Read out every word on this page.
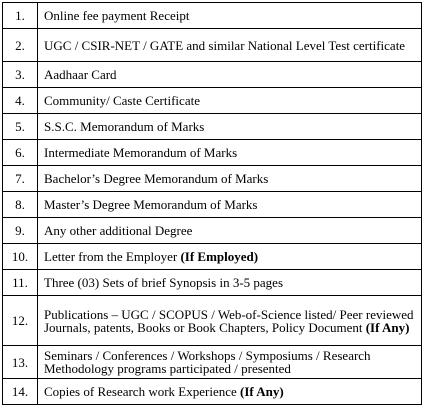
1.	Online fee payment Receipt
2.	UGC / CSIR-NET / GATE and similar National Level Test certificate
3.	Aadhaar Card
4.	Community/ Caste Certificate
5.	S.S.C. Memorandum of Marks
6.	Intermediate Memorandum of Marks
7.	Bachelor’s Degree Memorandum of Marks
8.	Master’s Degree Memorandum of Marks
9.	Any other additional Degree
10.	Letter from the Employer (If Employed)
11.	Three (03) Sets of brief Synopsis in 3-5 pages
12.	Publications – UGC / SCOPUS / Web-of-Science listed/ Peer reviewed Journals, patents, Books or Book Chapters, Policy Document (If Any)
13.	Seminars / Conferences / Workshops / Symposiums / Research Methodology programs participated / presented
14.	Copies of Research work Experience (If Any)
